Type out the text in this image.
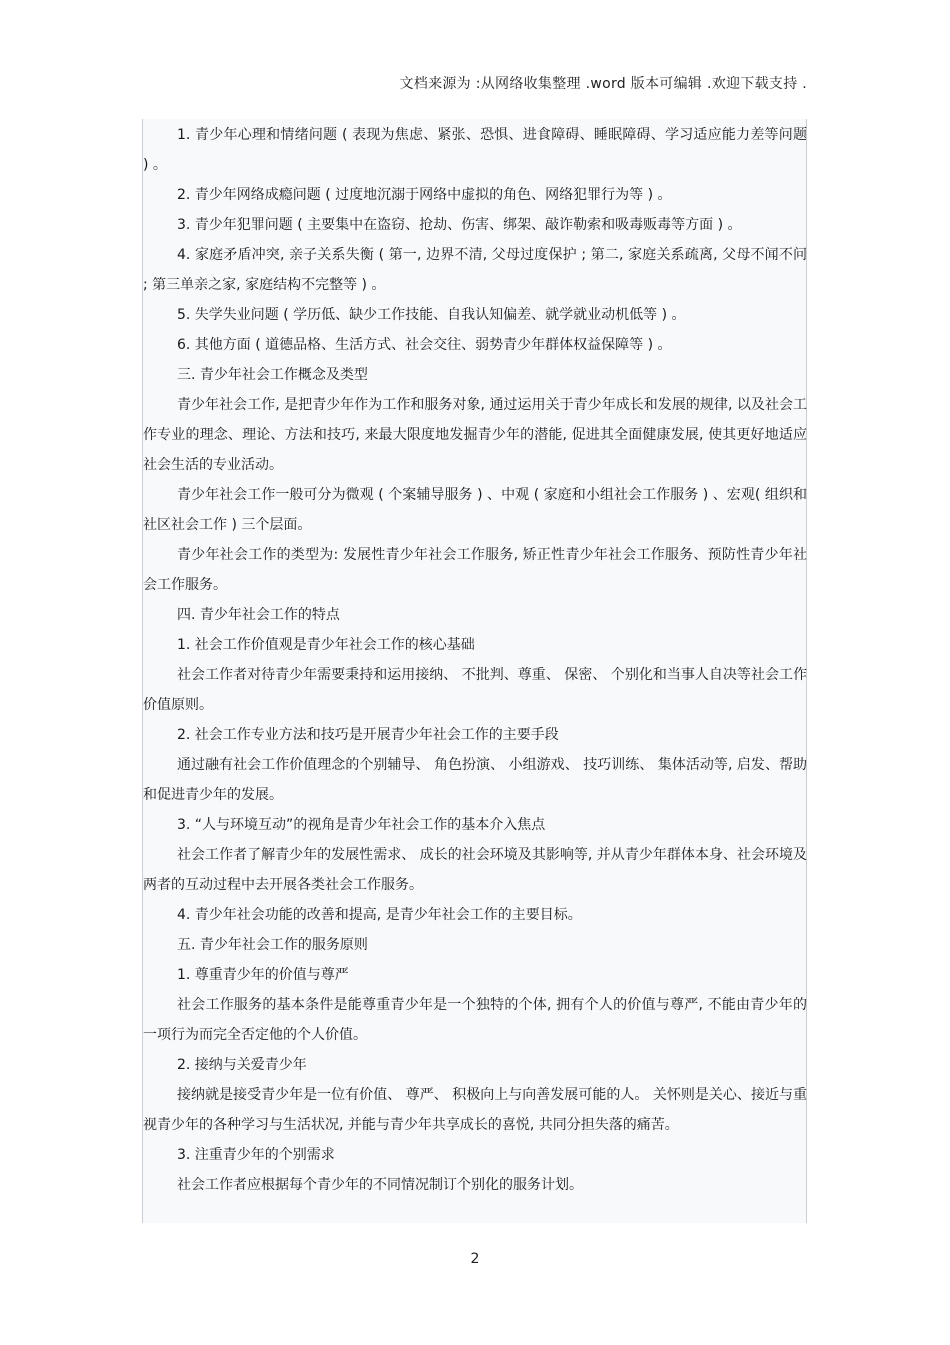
文档来源为 :从网络收集整理 .word 版本可编辑 .欢迎下载支持 .

1. 青少年心理和情绪问题 ( 表现为焦虑、紧张、恐惧、进食障碍、睡眠障碍、学习适应能力差等问题 ) 。

2. 青少年网络成瘾问题 ( 过度地沉溺于网络中虚拟的角色、网络犯罪行为等 ) 。

3. 青少年犯罪问题 ( 主要集中在盗窃、抢劫、伤害、绑架、敲诈勒索和吸毒贩毒等方面 ) 。

4. 家庭矛盾冲突, 亲子关系失衡 ( 第一, 边界不清, 父母过度保护 ; 第二, 家庭关系疏离, 父母不闻不问 ; 第三单亲之家, 家庭结构不完整等 ) 。

5. 失学失业问题 ( 学历低、缺少工作技能、自我认知偏差、就学就业动机低等 ) 。

6. 其他方面 ( 道德品格、生活方式、社会交往、弱势青少年群体权益保障等 ) 。

三. 青少年社会工作概念及类型

青少年社会工作, 是把青少年作为工作和服务对象, 通过运用关于青少年成长和发展的规律, 以及社会工作专业的理念、理论、方法和技巧, 来最大限度地发掘青少年的潜能, 促进其全面健康发展, 使其更好地适应社会生活的专业活动。

青少年社会工作一般可分为微观 ( 个案辅导服务 ) 、中观 ( 家庭和小组社会工作服务 ) 、宏观( 组织和社区社会工作 ) 三个层面。

青少年社会工作的类型为: 发展性青少年社会工作服务, 矫正性青少年社会工作服务、预防性青少年社会工作服务。

四. 青少年社会工作的特点

1. 社会工作价值观是青少年社会工作的核心基础

社会工作者对待青少年需要秉持和运用接纳、 不批判、尊重、 保密、 个别化和当事人自决等社会工作价值原则。

2. 社会工作专业方法和技巧是开展青少年社会工作的主要手段

通过融有社会工作价值理念的个别辅导、 角色扮演、 小组游戏、 技巧训练、 集体活动等, 启发、帮助和促进青少年的发展。

3. “人与环境互动”的视角是青少年社会工作的基本介入焦点

社会工作者了解青少年的发展性需求、 成长的社会环境及其影响等, 并从青少年群体本身、社会环境及两者的互动过程中去开展各类社会工作服务。

4. 青少年社会功能的改善和提高, 是青少年社会工作的主要目标。

五. 青少年社会工作的服务原则

1. 尊重青少年的价值与尊严

社会工作服务的基本条件是能尊重青少年是一个独特的个体, 拥有个人的价值与尊严, 不能由青少年的一项行为而完全否定他的个人价值。

2. 接纳与关爱青少年

接纳就是接受青少年是一位有价值、 尊严、 积极向上与向善发展可能的人。 关怀则是关心、接近与重视青少年的各种学习与生活状况, 并能与青少年共享成长的喜悦, 共同分担失落的痛苦。

3. 注重青少年的个别需求

社会工作者应根据每个青少年的不同情况制订个别化的服务计划。

2
